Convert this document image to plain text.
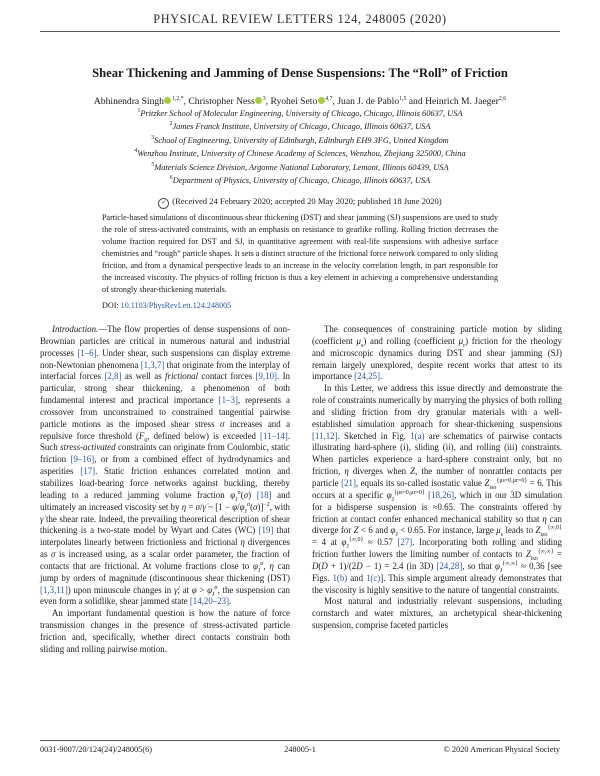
PHYSICAL REVIEW LETTERS 124, 248005 (2020)
Shear Thickening and Jamming of Dense Suspensions: The “Roll” of Friction
Abhinendra Singh $^{1,2,*}$, Christopher Ness $^3$, Ryohei Seto $^{4,7}$, Juan J. de Pablo$^{1,5}$ and Heinrich M. Jaeger$^{2,6}$
$^1$Pritzker School of Molecular Engineering, University of Chicago, Chicago, Illinois 60637, USA
$^2$James Franck Institute, University of Chicago, Chicago, Illinois 60637, USA
$^3$School of Engineering, University of Edinburgh, Edinburgh EH9 3FG, United Kingdom
$^4$Wenzhou Institute, University of Chinese Academy of Sciences, Wenzhou, Zhejiang 325000, China
$^5$Materials Science Division, Argonne National Laboratory, Lemont, Illinois 60439, USA
$^6$Department of Physics, University of Chicago, Chicago, Illinois 60637, USA
✓ (Received 24 February 2020; accepted 20 May 2020; published 18 June 2020)

Particle-based simulations of discontinuous shear thickening (DST) and shear jamming (SJ) suspensions are used to study the role of stress-activated constraints, with an emphasis on resistance to gearlike rolling. Rolling friction decreases the volume fraction required for DST and SJ, in quantitative agreement with real-life suspensions with adhesive surface chemistries and “rough” particle shapes. It sets a distinct structure of the frictional force network compared to only sliding friction, and from a dynamical perspective leads to an increase in the velocity correlation length, in part responsible for the increased viscosity. The physics of rolling friction is thus a key element in achieving a comprehensive understanding of strongly shear-thickening materials.

DOI: 10.1103/PhysRevLett.124.248005

Introduction.—The flow properties of dense suspensions of non-Brownian particles are critical in numerous natural and industrial processes [1–6]. Under shear, such suspensions can display extreme non-Newtonian phenomena [1,3,7] that originate from the interplay of interfacial forces [2,8] as well as frictional contact forces [9,10]. In particular, strong shear thickening, a phenomenon of both fundamental interest and practical importance [1–3], represents a crossover from unconstrained to constrained tangential pairwise particle motions as the imposed shear stress σ increases and a repulsive force threshold ($F_0$, defined below) is exceeded [11–14]. Such stress-activated constraints can originate from Coulombic, static friction [9–16], or from a combined effect of hydrodynamics and asperities [17]. Static friction enhances correlated motion and stabilizes load-bearing force networks against buckling, thereby leading to a reduced jamming volume fraction $\varphi_J^\sigma(\sigma)$ [18] and ultimately an increased viscosity set by η = σ/γ̇ ~ $[1 - \varphi/\varphi_J^\sigma(\sigma)]^{-2}$, with γ̇ the shear rate. Indeed, the prevailing theoretical description of shear thickening is a two-state model by Wyart and Cates (WC) [19] that interpolates linearly between frictionless and frictional η divergences as σ is increased using, as a scalar order parameter, the fraction of contacts that are frictional. At volume fractions close to $\varphi_J^\sigma$, η can jump by orders of magnitude (discontinuous shear thickening (DST) [1,3,11]) upon minuscule changes in γ̇; at $\varphi > \varphi_J^\sigma$, the suspension can even form a solidlike, shear jammed state [14,20–23].

An important fundamental question is how the nature of force transmission changes in the presence of stress-activated particle friction and, specifically, whether direct contacts constrain both sliding and rolling pairwise motion.

The consequences of constraining particle motion by sliding (coefficient $\mu_s$) and rolling (coefficient $\mu_r$) friction for the rheology and microscopic dynamics during DST and shear jamming (SJ) remain largely unexplored, despite recent works that attest to its importance [24,25].

In this Letter, we address this issue directly and demonstrate the role of constraints numerically by marrying the physics of both rolling and sliding friction from dry granular materials with a well-established simulation approach for shear-thickening suspensions [11,12]. Sketched in Fig. 1(a) are schematics of pairwise contacts illustrating hard-sphere (i), sliding (ii), and rolling (iii) constraints. When particles experience a hard-sphere constraint only, but no friction, η diverges when Z, the number of nonrattler contacts per particle [21], equals its so-called isostatic value $Z_{iso}^{\{\mu s=0,\mu r=0\}} = 6$. This occurs at a specific $\varphi_J^{\{\mu s=0,\mu r=0\}}$ [18,26], which in our 3D simulation for a bidisperse suspension is ≈0.65. The constraints offered by friction at contact confer enhanced mechanical stability so that η can diverge for Z < 6 and $\varphi_J < 0.65$. For instance, large $\mu_s$ leads to $Z_{iso}^{\{\infty,0\}} = 4$ at $\varphi_J^{\{\infty,0\}} \approx 0.57$ [27]. Incorporating both rolling and sliding friction further lowers the limiting number of contacts to $Z_{iso}^{\{\infty,\infty\}} = D(D + 1)/(2D - 1) = 2.4$ (in 3D) [24,28], so that $\varphi_J^{\{\infty,\infty\}} \approx 0.36$ [see Figs. 1(b) and 1(c)]. This simple argument already demonstrates that the viscosity is highly sensitive to the nature of tangential constraints.

Most natural and industrially relevant suspensions, including cornstarch and water mixtures, an archetypical shear-thickening suspension, comprise faceted particles

0031-9007/20/124(24)/248005(6)	248005-1	© 2020 American Physical Society
